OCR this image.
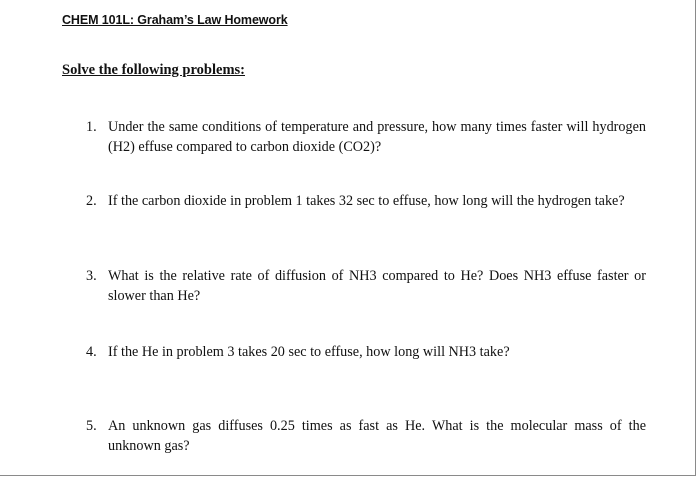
CHEM 101L: Graham’s Law Homework
Solve the following problems:
1. Under the same conditions of temperature and pressure, how many times faster will hydrogen (H2) effuse compared to carbon dioxide (CO2)?
2. If the carbon dioxide in problem 1 takes 32 sec to effuse, how long will the hydrogen take?
3. What is the relative rate of diffusion of NH3 compared to He? Does NH3 effuse faster or slower than He?
4. If the He in problem 3 takes 20 sec to effuse, how long will NH3 take?
5. An unknown gas diffuses 0.25 times as fast as He. What is the molecular mass of the unknown gas?
